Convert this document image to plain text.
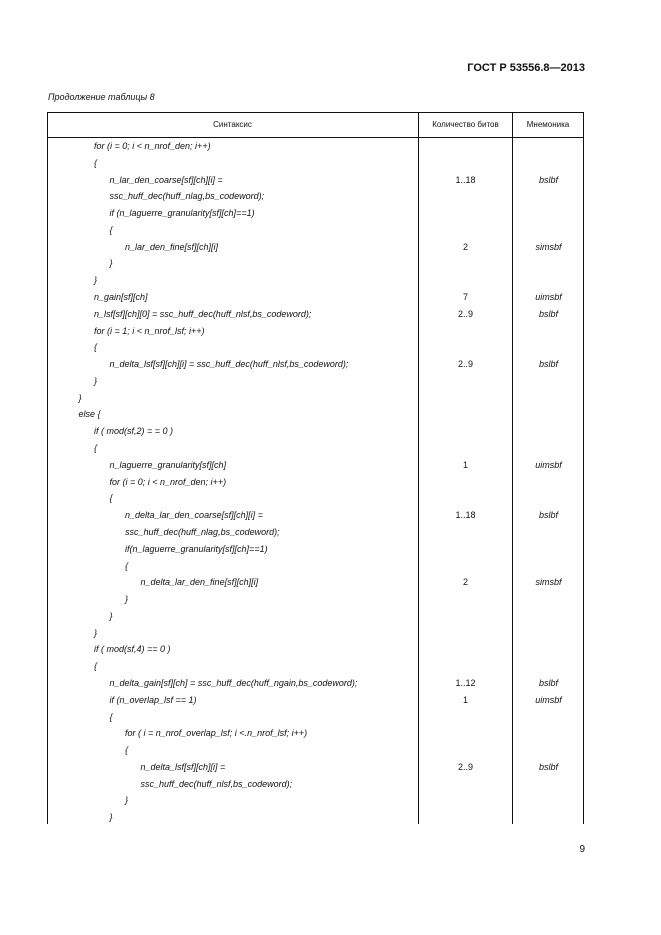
ГОСТ Р 53556.8—2013
Продолжение таблицы 8
Синтаксис	Количество битов	Мнемоника
for (i = 0; i < n_nrof_den; i++)
{
n_lar_den_coarse[sf][ch][i] =	1..18	bslbf
ssc_huff_dec(huff_nlag,bs_codeword);
if (n_laguerre_granularity[sf][ch]==1)
{
n_lar_den_fine[sf][ch][i]	2	simsbf
}
}
n_gain[sf][ch]	7	uimsbf
n_lsf[sf][ch][0] = ssc_huff_dec(huff_nlsf,bs_codeword);	2..9	bslbf
for (i = 1; i < n_nrof_lsf; i++)
{
n_delta_lsf[sf][ch][i] = ssc_huff_dec(huff_nlsf,bs_codeword);	2..9	bslbf
}
}
else {
if ( mod(sf,2) = = 0 )
{
n_laguerre_granularity[sf][ch]	1	uimsbf
for (i = 0; i < n_nrof_den; i++)
{
n_delta_lar_den_coarse[sf][ch][i] =	1..18	bslbf
ssc_huff_dec(huff_nlag,bs_codeword);
if(n_laguerre_granularity[sf][ch]==1)
{
n_delta_lar_den_fine[sf][ch][i]	2	simsbf
}
}
}
if ( mod(sf,4) == 0 )
{
n_delta_gain[sf][ch] = ssc_huff_dec(huff_ngain,bs_codeword);	1..12	bslbf
if (n_overlap_lsf == 1)	1	uimsbf
{
for ( i = n_nrof_overlap_lsf; i <.n_nrof_lsf; i++)
{
n_delta_lsf[sf][ch][i] =	2..9	bslbf
ssc_huff_dec(huff_nlsf,bs_codeword);
}
}
9
